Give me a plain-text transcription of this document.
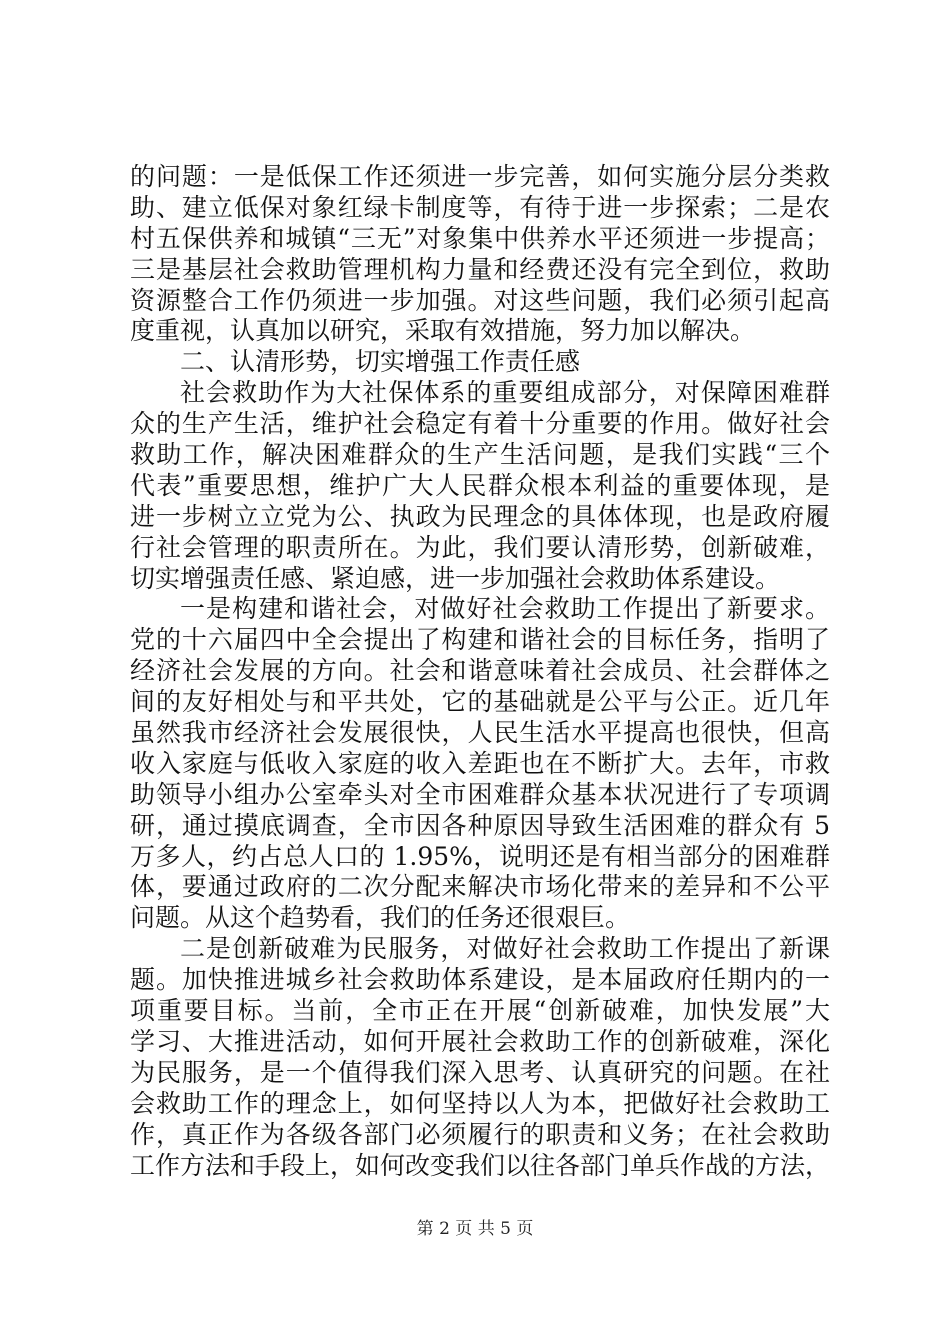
的问题：一是低保工作还须进一步完善，如何实施分层分类救
助、建立低保对象红绿卡制度等，有待于进一步探索；二是农
村五保供养和城镇“三无”对象集中供养水平还须进一步提高；
三是基层社会救助管理机构力量和经费还没有完全到位，救助
资源整合工作仍须进一步加强。对这些问题，我们必须引起高
度重视，认真加以研究，采取有效措施，努力加以解决。
二、认清形势，切实增强工作责任感
社会救助作为大社保体系的重要组成部分，对保障困难群
众的生产生活，维护社会稳定有着十分重要的作用。做好社会
救助工作，解决困难群众的生产生活问题，是我们实践“三个
代表”重要思想，维护广大人民群众根本利益的重要体现，是
进一步树立立党为公、执政为民理念的具体体现，也是政府履
行社会管理的职责所在。为此，我们要认清形势，创新破难，
切实增强责任感、紧迫感，进一步加强社会救助体系建设。
一是构建和谐社会，对做好社会救助工作提出了新要求。
党的十六届四中全会提出了构建和谐社会的目标任务，指明了
经济社会发展的方向。社会和谐意味着社会成员、社会群体之
间的友好相处与和平共处，它的基础就是公平与公正。近几年
虽然我市经济社会发展很快，人民生活水平提高也很快，但高
收入家庭与低收入家庭的收入差距也在不断扩大。去年，市救
助领导小组办公室牵头对全市困难群众基本状况进行了专项调
研，通过摸底调查，全市因各种原因导致生活困难的群众有 5
万多人，约占总人口的 1.95%，说明还是有相当部分的困难群
体，要通过政府的二次分配来解决市场化带来的差异和不公平
问题。从这个趋势看，我们的任务还很艰巨。
二是创新破难为民服务，对做好社会救助工作提出了新课
题。加快推进城乡社会救助体系建设，是本届政府任期内的一
项重要目标。当前，全市正在开展“创新破难，加快发展”大
学习、大推进活动，如何开展社会救助工作的创新破难，深化
为民服务，是一个值得我们深入思考、认真研究的问题。在社
会救助工作的理念上，如何坚持以人为本，把做好社会救助工
作，真正作为各级各部门必须履行的职责和义务；在社会救助
工作方法和手段上，如何改变我们以往各部门单兵作战的方法，
第 2 页 共 5 页
